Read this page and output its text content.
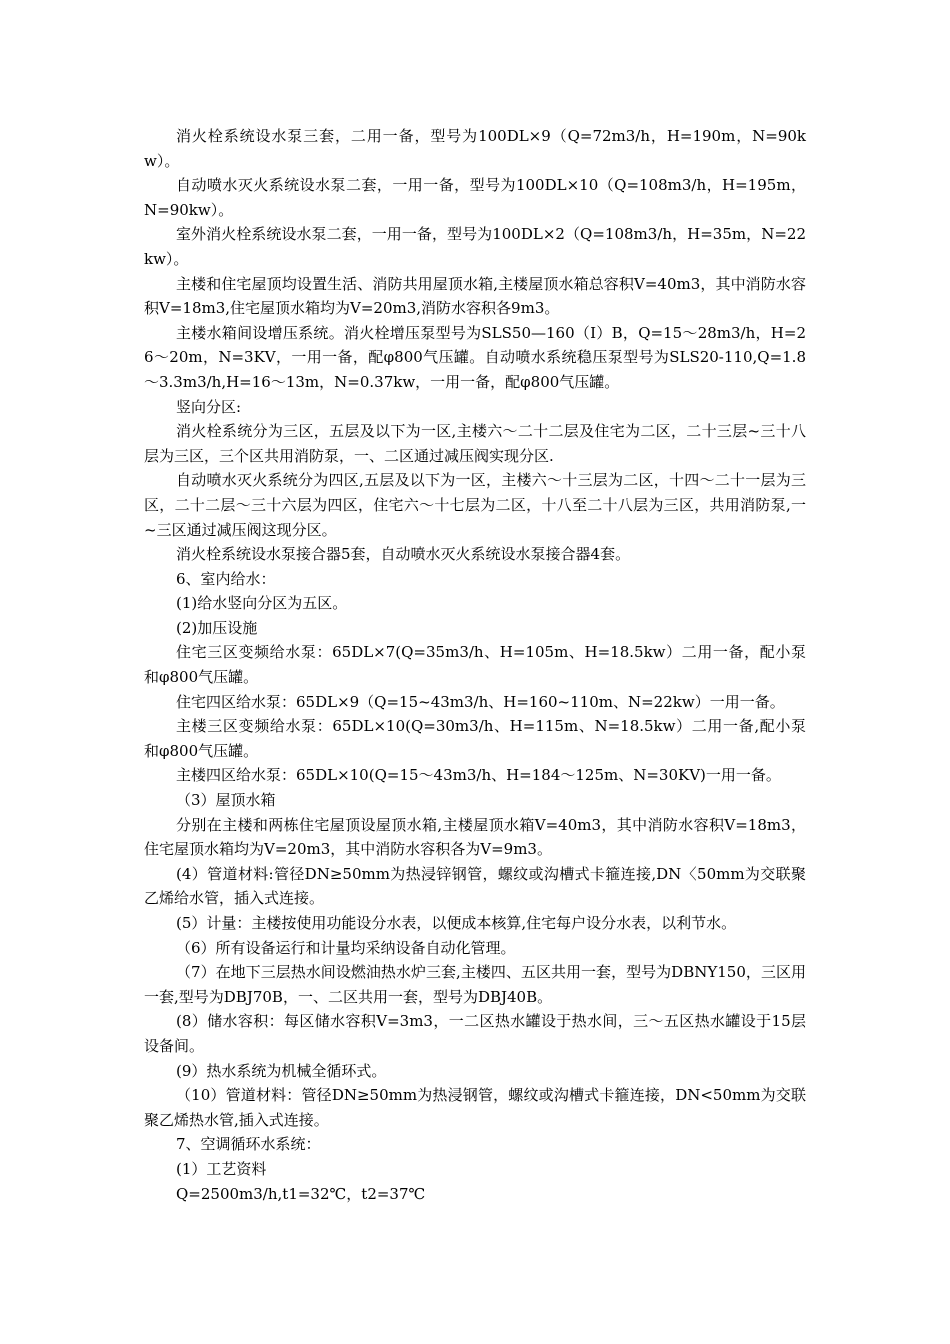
消火栓系统设水泵三套，二用一备，型号为100DL×9（Q=72m3/h，H=190m，N=90kw）。

自动喷水灭火系统设水泵二套，一用一备，型号为100DL×10（Q=108m3/h，H=195m，N=90kw）。

室外消火栓系统设水泵二套，一用一备，型号为100DL×2（Q=108m3/h，H=35m，N=22kw）。

主楼和住宅屋顶均设置生活、消防共用屋顶水箱,主楼屋顶水箱总容积V=40m3，其中消防水容积V=18m3,住宅屋顶水箱均为V=20m3,消防水容积各9m3。

主楼水箱间设增压系统。消火栓增压泵型号为SLS50—160（I）B，Q=15～28m3/h，H=26～20m，N=3KV，一用一备，配φ800气压罐。自动喷水系统稳压泵型号为SLS20-110,Q=1.8～3.3m3/h,H=16～13m，N=0.37kw，一用一备，配φ800气压罐。

竖向分区:

消火栓系统分为三区，五层及以下为一区,主楼六～二十二层及住宅为二区，二十三层~三十八层为三区，三个区共用消防泵，一、二区通过减压阀实现分区.

自动喷水灭火系统分为四区,五层及以下为一区，主楼六～十三层为二区，十四～二十一层为三区，二十二层～三十六层为四区，住宅六～十七层为二区，十八至二十八层为三区，共用消防泵,一~三区通过减压阀这现分区。

消火栓系统设水泵接合器5套，自动喷水灭火系统设水泵接合器4套。

6、室内给水：

(1)给水竖向分区为五区。

(2)加压设施

住宅三区变频给水泵：65DL×7(Q=35m3/h、H=105m、H=18.5kw）二用一备，配小泵和φ800气压罐。

住宅四区给水泵：65DL×9（Q=15~43m3/h、H=160~110m、N=22kw）一用一备。

主楼三区变频给水泵：65DL×10(Q=30m3/h、H=115m、N=18.5kw）二用一备,配小泵和φ800气压罐。

主楼四区给水泵：65DL×10(Q=15～43m3/h、H=184～125m、N=30KV)一用一备。

（3）屋顶水箱

分别在主楼和两栋住宅屋顶设屋顶水箱,主楼屋顶水箱V=40m3，其中消防水容积V=18m3，住宅屋顶水箱均为V=20m3，其中消防水容积各为V=9m3。

(4）管道材料:管径DN≥50mm为热浸锌钢管，螺纹或沟槽式卡箍连接,DN〈50mm为交联聚乙烯给水管，插入式连接。

(5）计量：主楼按使用功能设分水表，以便成本核算,住宅每户设分水表，以利节水。

（6）所有设备运行和计量均采纳设备自动化管理。

（7）在地下三层热水间设燃油热水炉三套,主楼四、五区共用一套，型号为DBNY150，三区用一套,型号为DBJ70B，一、二区共用一套，型号为DBJ40B。

(8）储水容积：每区储水容积V=3m3，一二区热水罐设于热水间，三～五区热水罐设于15层设备间。

(9）热水系统为机械全循环式。

（10）管道材料：管径DN≥50mm为热浸钢管，螺纹或沟槽式卡箍连接，DN<50mm为交联聚乙烯热水管,插入式连接。

7、空调循环水系统：

(1）工艺资料

Q=2500m3/h,t1=32℃，t2=37℃
